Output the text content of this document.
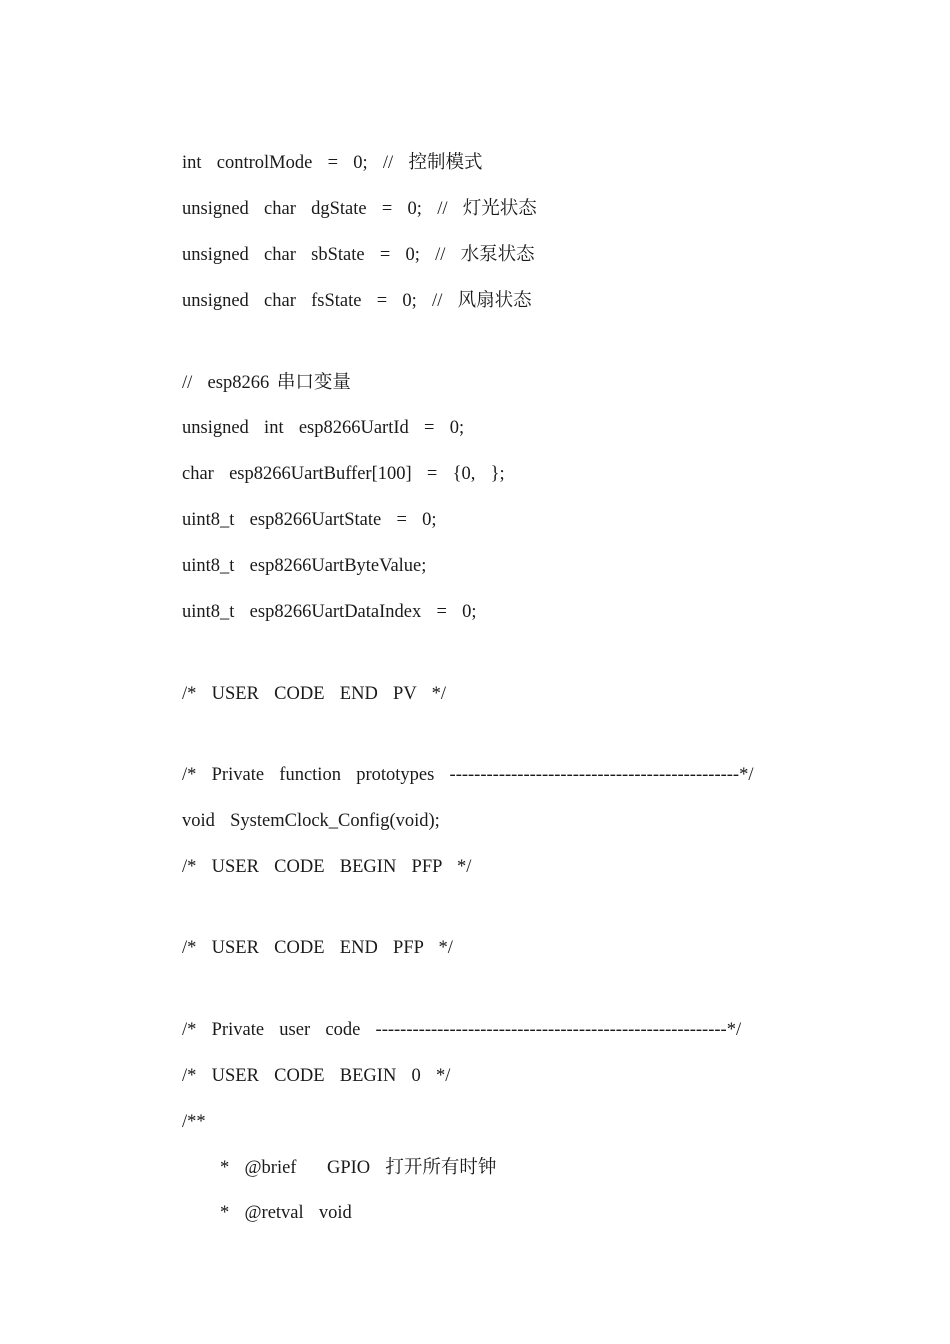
int  controlMode  =  0;  //  控制模式
unsigned  char  dgState  =  0;  //  灯光状态
unsigned  char  sbState  =  0;  //  水泵状态
unsigned  char  fsState  =  0;  //  风扇状态
//  esp8266 串口变量
unsigned  int  esp8266UartId  =  0;
char  esp8266UartBuffer[100]  =  {0,  };
uint8_t  esp8266UartState  =  0;
uint8_t  esp8266UartByteValue;
uint8_t  esp8266UartDataIndex  =  0;
/*  USER  CODE  END  PV  */
/*  Private  function  prototypes  -----------------------------------------------*/
void  SystemClock_Config(void);
/*  USER  CODE  BEGIN  PFP  */
/*  USER  CODE  END  PFP  */
/*  Private  user  code  ---------------------------------------------------------*/
/*  USER  CODE  BEGIN  0  */
/**
*  @brief    GPIO  打开所有时钟
*  @retval  void
